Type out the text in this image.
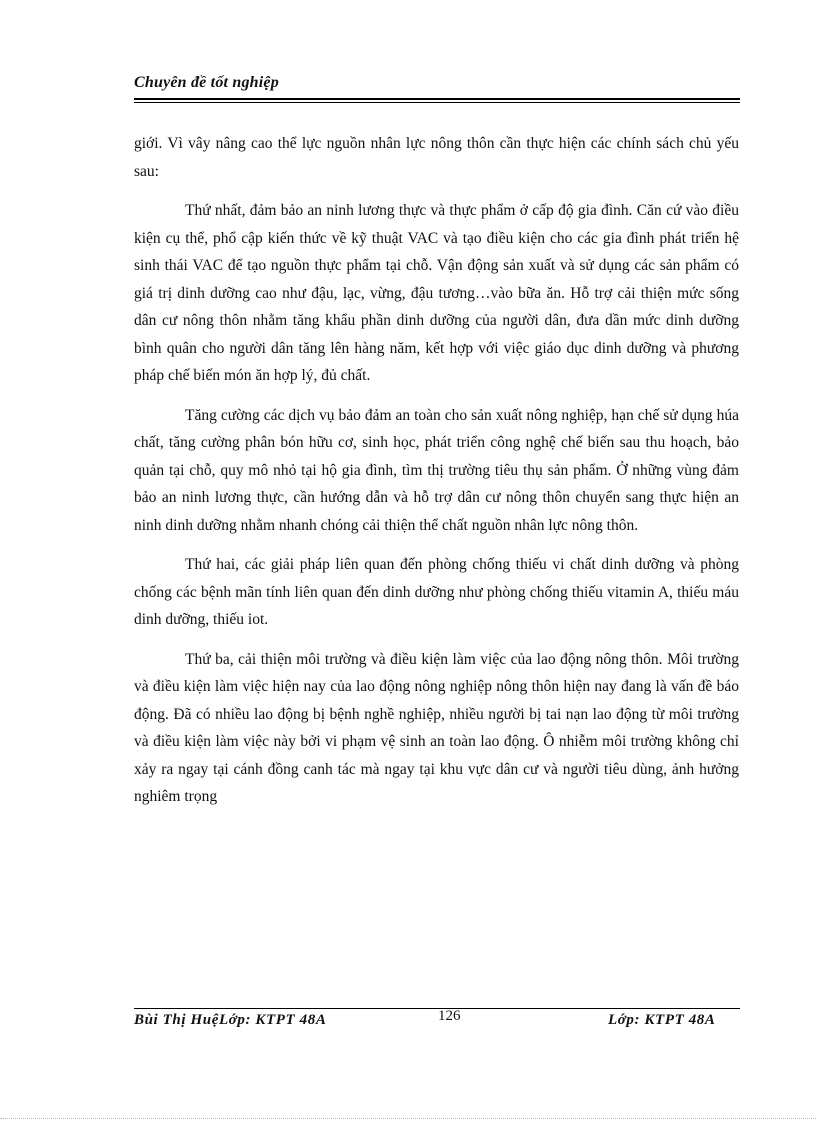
Chuyên đề tốt nghiệp

giới. Vì vây nâng cao thể lực nguồn nhân lực nông thôn cần thực hiện các chính sách chủ yếu sau:

Thứ nhất, đảm bảo an ninh lương thực và thực phẩm ở cấp độ gia đình. Căn cứ vào điều kiện cụ thể, phổ cập kiến thức về kỹ thuật VAC và tạo điều kiện cho các gia đình phát triển hệ sinh thái VAC để tạo nguồn thực phẩm tại chỗ. Vận động sản xuất và sử dụng các sản phẩm có giá trị dinh dưỡng cao như đậu, lạc, vừng, đậu tương…vào bữa ăn. Hỗ trợ cải thiện mức sống dân cư nông thôn nhằm tăng khẩu phần dinh dưỡng của người dân, đưa dần mức dinh dưỡng bình quân cho người dân tăng lên hàng năm, kết hợp với việc giáo dục dinh dưỡng và phương pháp chế biến món ăn hợp lý, đủ chất.

Tăng cường các dịch vụ bảo đảm an toàn cho sản xuất nông nghiệp, hạn chế sử dụng húa chất, tăng cường phân bón hữu cơ, sinh học, phát triển công nghệ chế biến sau thu hoạch, bảo quản tại chỗ, quy mô nhỏ tại hộ gia đình, tìm thị trường tiêu thụ sản phẩm. Ở những vùng đảm bảo an ninh lương thực, cần hướng dẫn và hỗ trợ dân cư nông thôn chuyển sang thực hiện an ninh dinh dưỡng nhằm nhanh chóng cải thiện thể chất nguồn nhân lực nông thôn.

Thứ hai, các giải pháp liên quan đến phòng chống thiếu vi chất dinh dưỡng và phòng chống các bệnh mãn tính liên quan đến dinh dưỡng như phòng chống thiếu vitamin A, thiếu máu dinh dưỡng, thiếu iot.

Thứ ba, cải thiện môi trường và điều kiện làm việc của lao động nông thôn. Môi trường và điều kiện làm việc hiện nay của lao động nông nghiệp nông thôn hiện nay đang là vấn đề báo động. Đã có nhiều lao động bị bệnh nghề nghiệp, nhiều người bị tai nạn lao động từ môi trường và điều kiện làm việc này bởi vi phạm vệ sinh an toàn lao động. Ô nhiễm môi trường không chỉ xảy ra ngay tại cánh đồng canh tác mà ngay tại khu vực dân cư và người tiêu dùng, ảnh hưởng nghiêm trọng

Bùi Thị HuệLớp: KTPT 48A	126	Lớp: KTPT 48A
